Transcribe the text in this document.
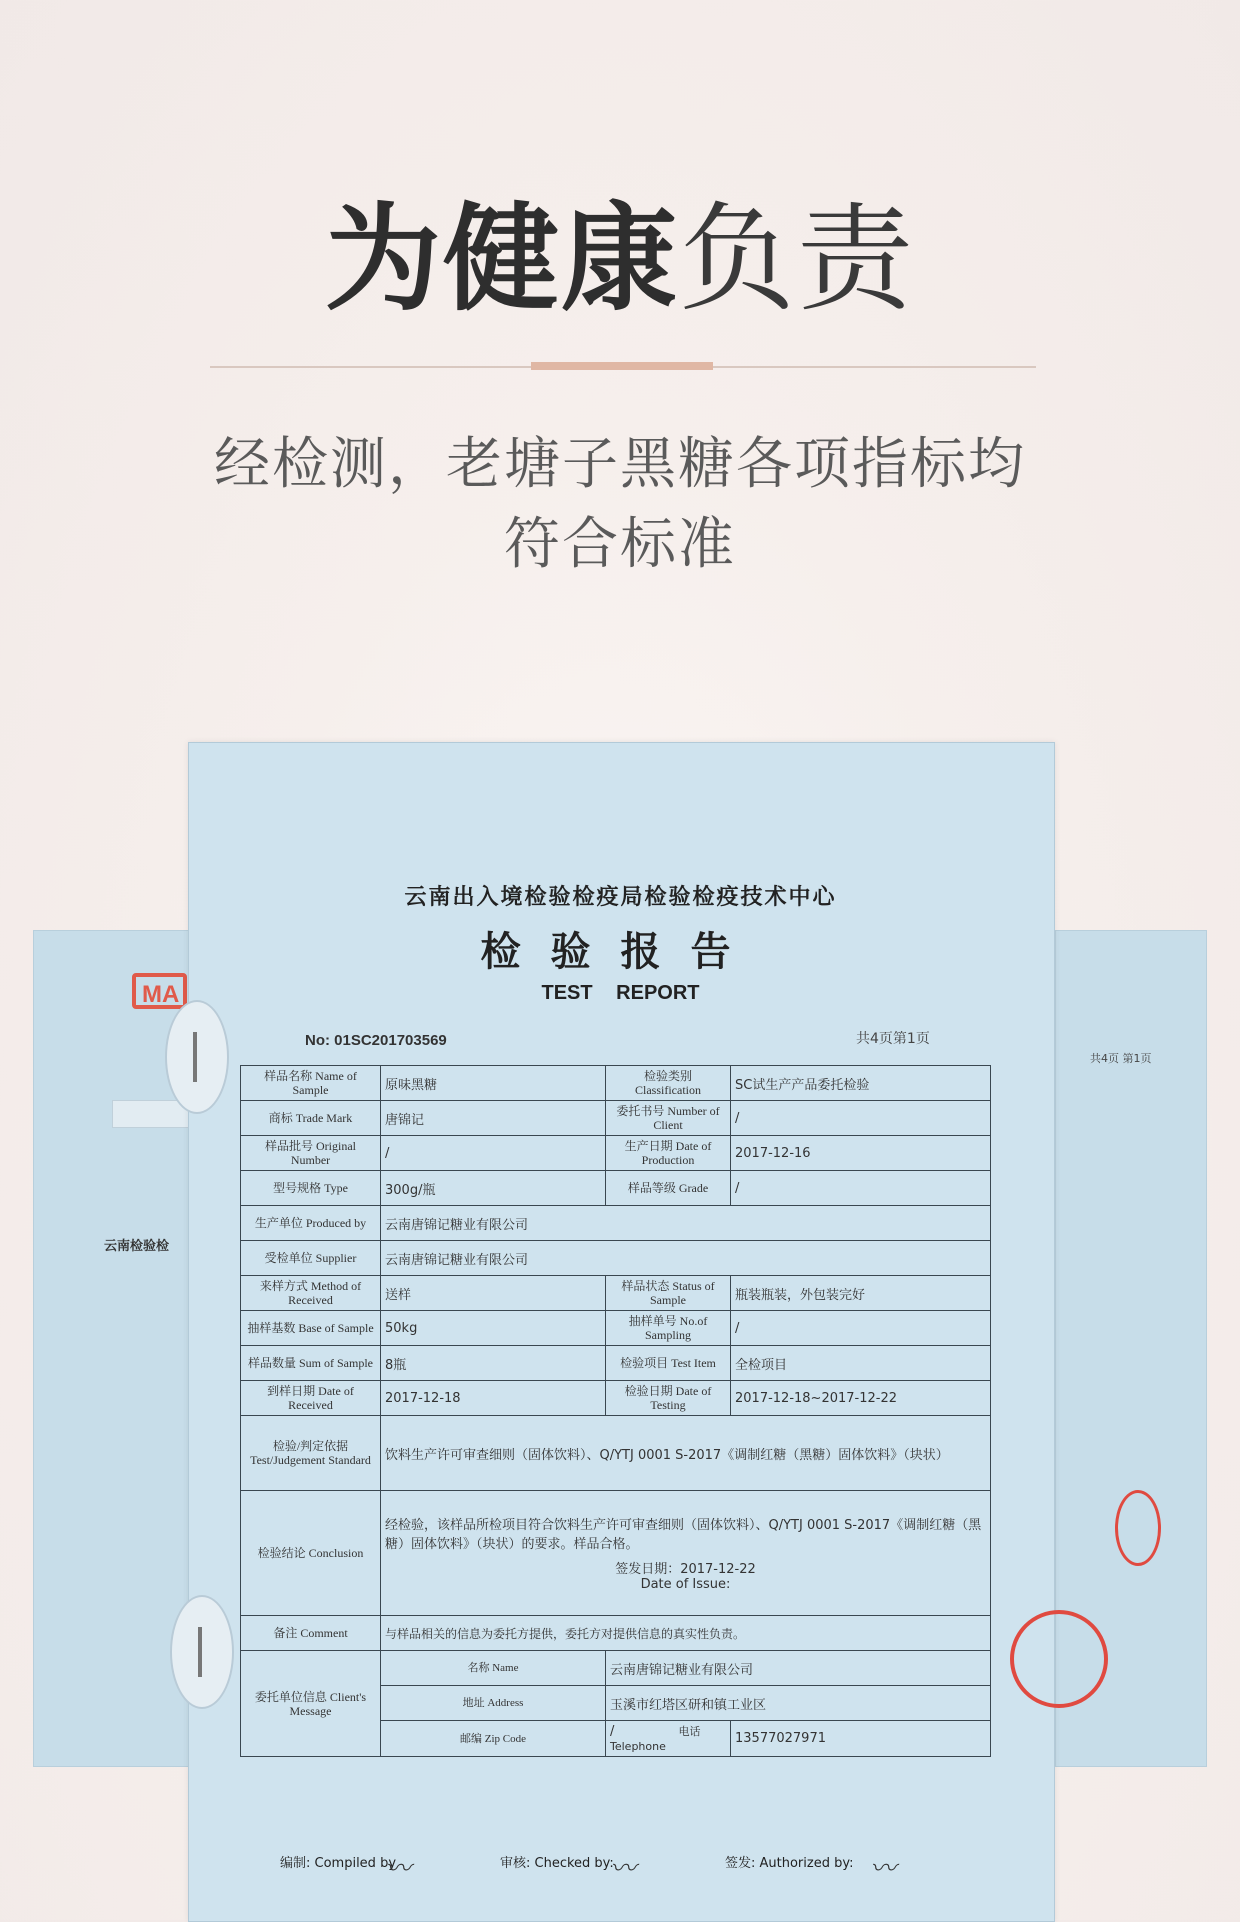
为健康负责
经检测，老塘子黑糖各项指标均
符合标准
MA
云南检验检
共4页 第1页
云南出入境检验检疫局检验检疫技术中心
检验报告
TEST REPORT
No: 01SC201703569	共4页第1页
样品名称 Name of Sample	原味黑糖	检验类别 Classification	SC试生产产品委托检验
商标 Trade Mark	唐锦记	委托书号 Number of Client	/
样品批号 Original Number	/	生产日期 Date of Production	2017-12-16
型号规格 Type	300g/瓶	样品等级 Grade	/
生产单位 Produced by	云南唐锦记糖业有限公司		
受检单位 Supplier	云南唐锦记糖业有限公司		
来样方式 Method of Received	送样	样品状态 Status of Sample	瓶装瓶装，外包装完好
抽样基数 Base of Sample	50kg	抽样单号 No.of Sampling	/
样品数量 Sum of Sample	8瓶	检验项目 Test Item	全检项目
到样日期 Date of Received	2017-12-18	检验日期 Date of Testing	2017-12-18~2017-12-22
检验/判定依据 Test/Judgement Standard	饮料生产许可审查细则（固体饮料）、Q/YTJ 0001 S-2017《调制红糖（黑糖）固体饮料》（块状）		
检验结论 Conclusion	经检验，该样品所检项目符合饮料生产许可审查细则（固体饮料）、Q/YTJ 0001 S-2017《调制红糖（黑糖）固体饮料》（块状）的要求。样品合格。
签发日期：2017-12-22
Date of Issue:		

备注 Comment	与样品相关的信息为委托方提供，委托方对提供信息的真实性负责。		
委托单位信息 Client's Message	名称 Name	云南唐锦记糖业有限公司	
	地址 Address	玉溪市红塔区研和镇工业区	
	邮编 Zip Code	/ 电话 Telephone	13577027971
编制: Compiled by	审核: Checked by:	签发: Authorized by:
〰	〰	〰
